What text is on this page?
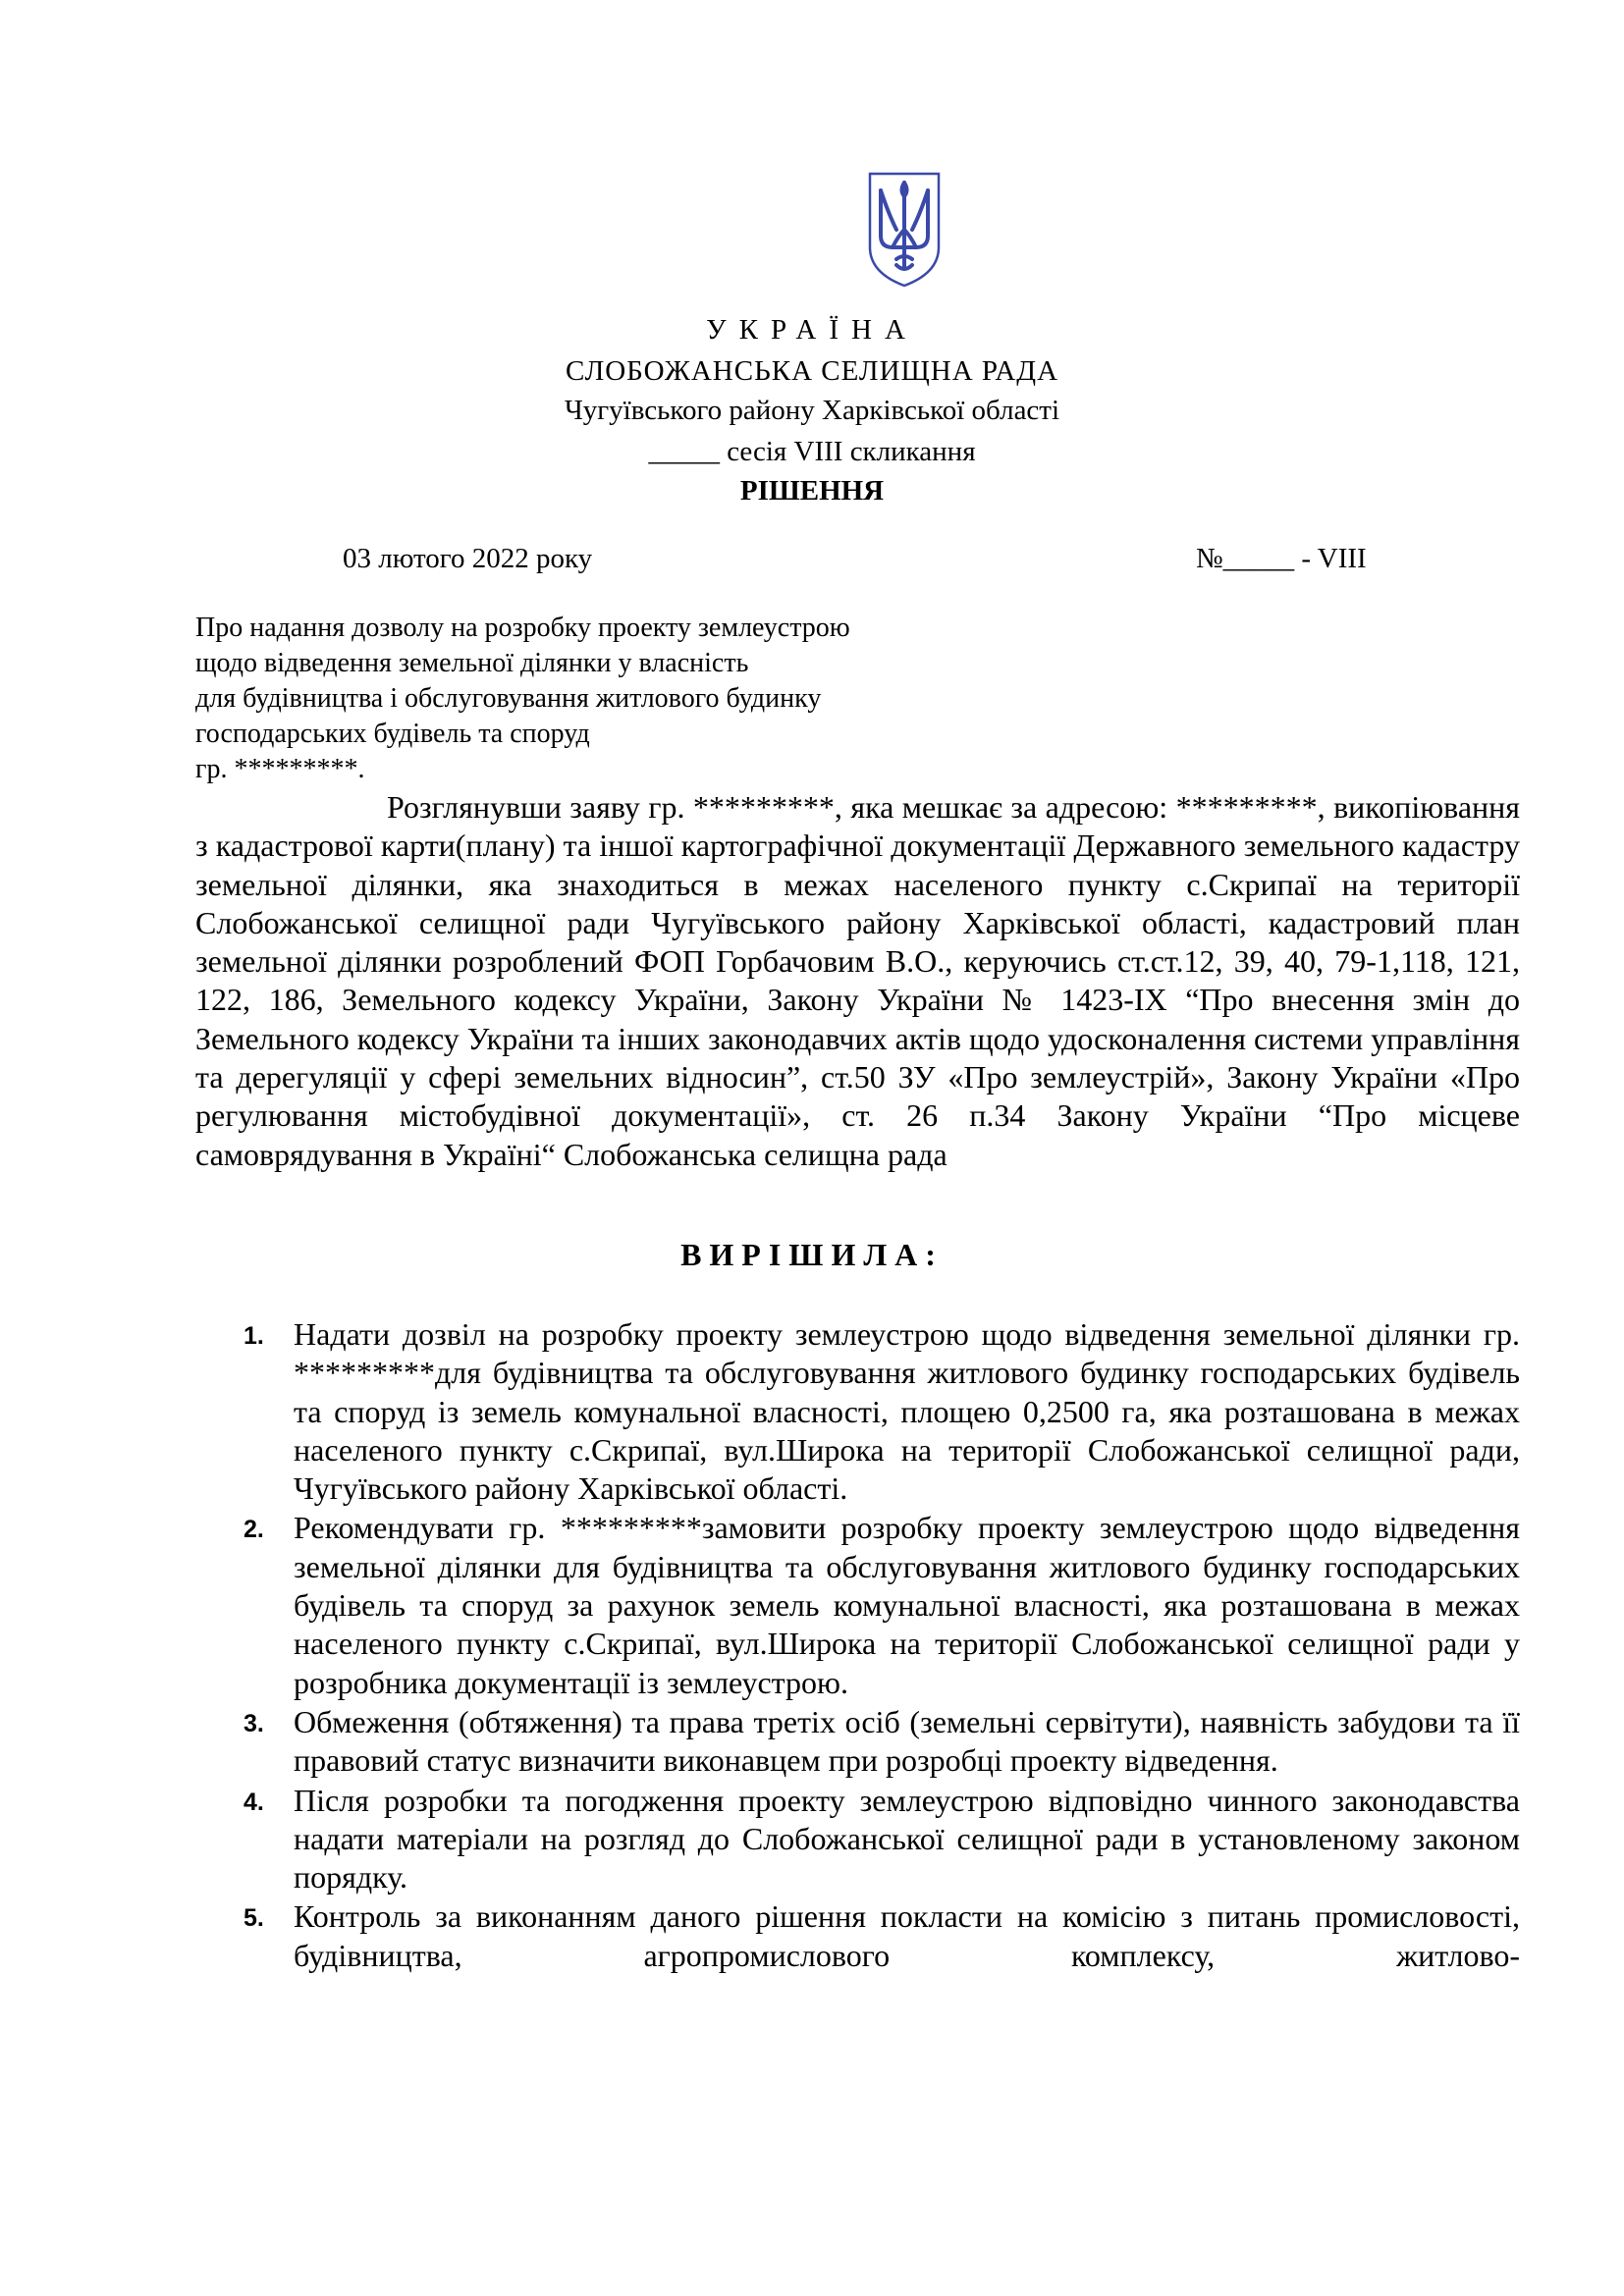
УКРАЇНА
СЛОБОЖАНСЬКА СЕЛИЩНА РАДА
Чугуївського району Харківської області
_____ сесія VIII скликання
РІШЕННЯ
03 лютого 2022 року	№_____ - VIII
Про надання дозволу на розробку проекту землеустрою
щодо відведення земельної ділянки у власність
для будівництва і обслуговування житлового будинку
господарських будівель та споруд
гр. *********.
Розглянувши заяву гр. *********, яка мешкає за адресою: *********, викопіювання з кадастрової карти(плану) та іншої картографічної документації Державного земельного кадастру земельної ділянки, яка знаходиться в межах населеного пункту с.Скрипаї на території Слобожанської селищної ради Чугуївського району Харківської області, кадастровий план земельної ділянки розроблений ФОП Горбачовим В.О., керуючись ст.ст.12, 39, 40, 79-1,118, 121, 122, 186, Земельного кодексу України, Закону України № 1423-IX “Про внесення змін до Земельного кодексу України та інших законодавчих актів щодо удосконалення системи управління та дерегуляції у сфері земельних відносин”, ст.50 ЗУ «Про землеустрій», Закону України «Про регулювання містобудівної документації», ст. 26 п.34 Закону України “Про місцеве самоврядування в Україні“ Слобожанська селищна рада
ВИРІШИЛА:
1. Надати дозвіл на розробку проекту землеустрою щодо відведення земельної ділянки гр. *********для будівництва та обслуговування житлового будинку господарських будівель та споруд із земель комунальної власності, площею 0,2500 га, яка розташована в межах населеного пункту с.Скрипаї, вул.Широка на території Слобожанської селищної ради, Чугуївського району Харківської області.
2. Рекомендувати гр. *********замовити розробку проекту землеустрою щодо відведення земельної ділянки для будівництва та обслуговування житлового будинку господарських будівель та споруд за рахунок земель комунальної власності, яка розташована в межах населеного пункту с.Скрипаї, вул.Широка на території Слобожанської селищної ради у розробника документації із землеустрою.
3. Обмеження (обтяження) та права третіх осіб (земельні сервітути), наявність забудови та її правовий статус визначити виконавцем при розробці проекту відведення.
4. Після розробки та погодження проекту землеустрою відповідно чинного законодавства надати матеріали на розгляд до Слобожанської селищної ради в установленому законом порядку.
5. Контроль за виконанням даного рішення покласти на комісію з питань промисловості, будівництва, агропромислового комплексу, житлово-
